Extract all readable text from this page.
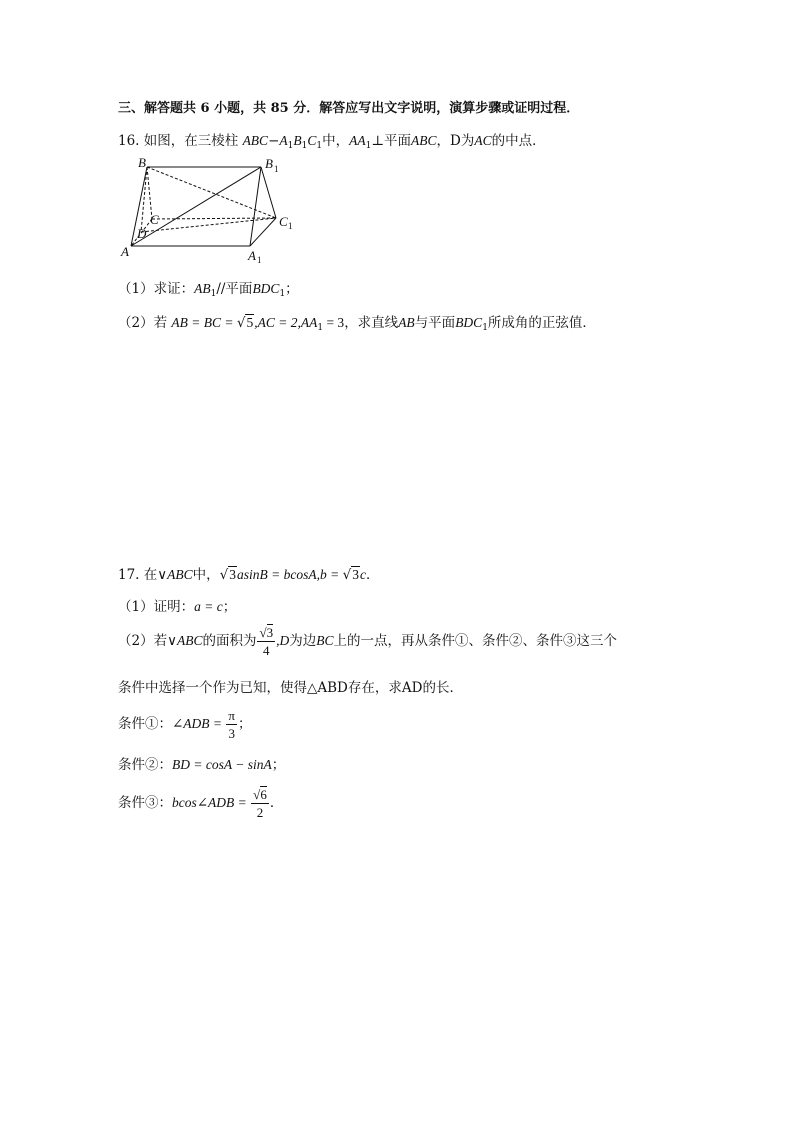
三、解答题共 6 小题，共 85 分．解答应写出文字说明，演算步骤或证明过程．
16. 如图，在三棱柱 $ABC-A_1B_1C_1$中，$AA_1\perp$平面ABC，D为AC的中点．
B	B 1
C	C 1
D
A	A 1
（1）求证：$AB_1//$平面$BDC_1$；
（2）若 AB = BC = $√5,AC = 2,AA_1 = 3$，求直线AB与平面$BDC_1$所成角的正弦值．
17. 在∨ABC中，√3asinB = bcosA,b = √3c．
（1）证明：a = c；
（2）若∨ABC的面积为 $\frac{√3}{4} ,D$为边BC上的一点，再从条件①、条件②、条件③这三个
条件中选择一个作为已知，使得△ABD存在，求AD的长．
条件①：∠ADB = $\frac{\pi}{3}$ ；
条件②：BD = cosA − sinA；
条件③：bcos∠ADB = $\frac{√6}{2}$ ．
